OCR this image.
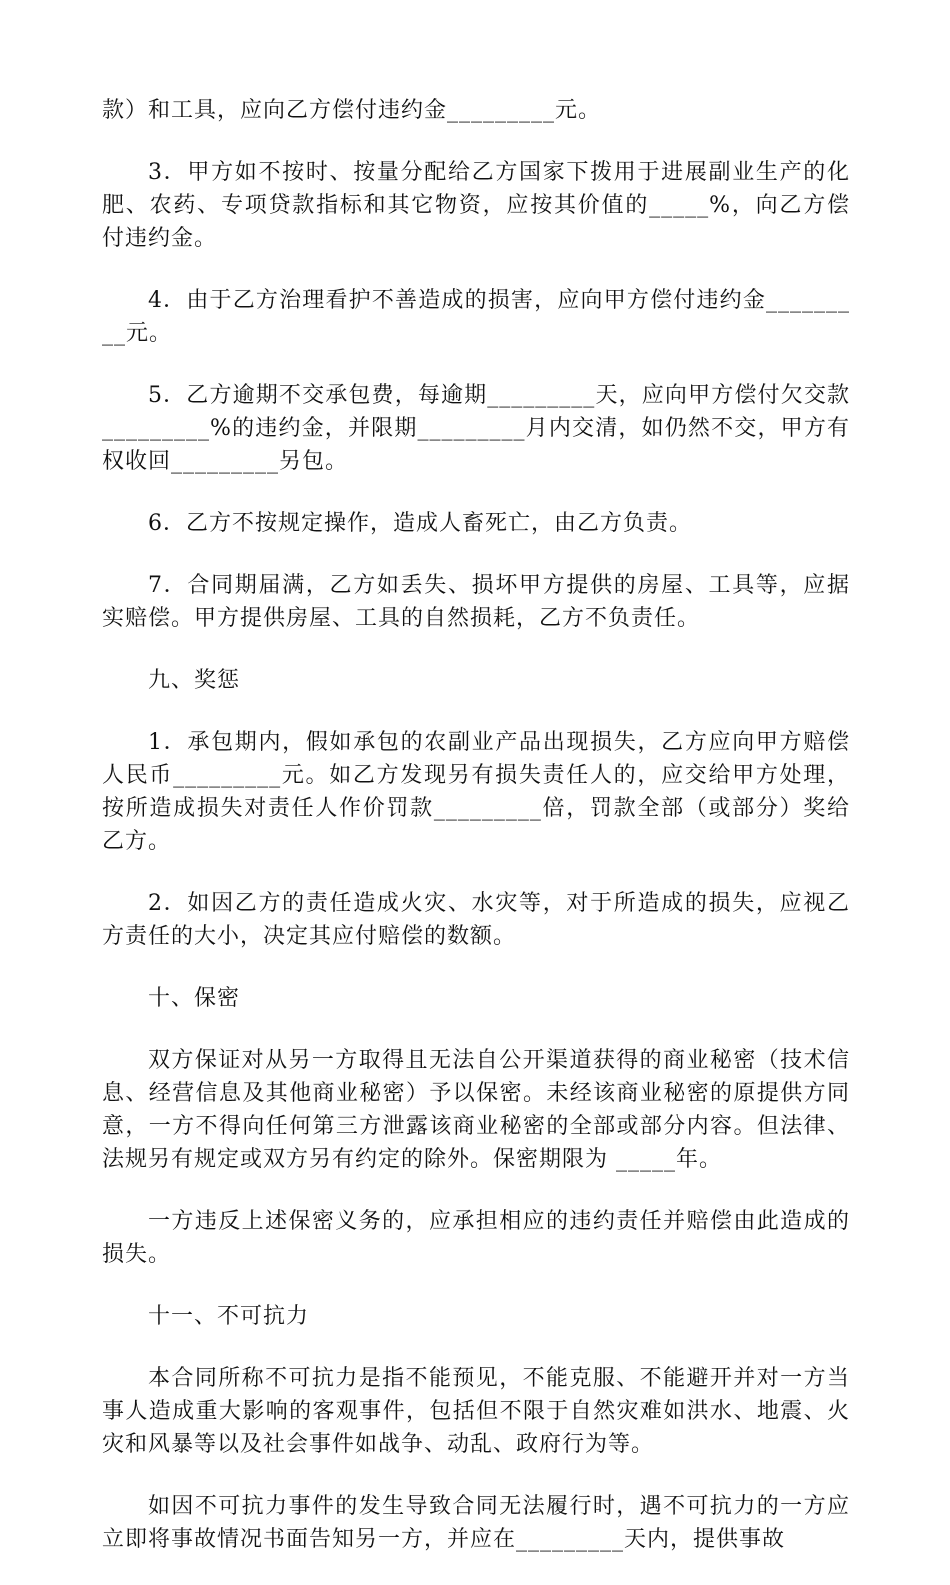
款）和工具，应向乙方偿付违约金_________元。

3．甲方如不按时、按量分配给乙方国家下拨用于进展副业生产的化肥、农药、专项贷款指标和其它物资，应按其价值的_____%，向乙方偿付违约金。

4．由于乙方治理看护不善造成的损害，应向甲方偿付违约金_________元。

5．乙方逾期不交承包费，每逾期_________天，应向甲方偿付欠交款_________%的违约金，并限期_________月内交清，如仍然不交，甲方有权收回_________另包。

6．乙方不按规定操作，造成人畜死亡，由乙方负责。

7．合同期届满，乙方如丢失、损坏甲方提供的房屋、工具等，应据实赔偿。甲方提供房屋、工具的自然损耗，乙方不负责任。

九、奖惩

1．承包期内，假如承包的农副业产品出现损失，乙方应向甲方赔偿人民币_________元。如乙方发现另有损失责任人的，应交给甲方处理，按所造成损失对责任人作价罚款_________倍，罚款全部（或部分）奖给乙方。

2．如因乙方的责任造成火灾、水灾等，对于所造成的损失，应视乙方责任的大小，决定其应付赔偿的数额。

十、保密

双方保证对从另一方取得且无法自公开渠道获得的商业秘密（技术信息、经营信息及其他商业秘密）予以保密。未经该商业秘密的原提供方同意，一方不得向任何第三方泄露该商业秘密的全部或部分内容。但法律、法规另有规定或双方另有约定的除外。保密期限为 _____年。

一方违反上述保密义务的，应承担相应的违约责任并赔偿由此造成的损失。

十一、不可抗力

本合同所称不可抗力是指不能预见，不能克服、不能避开并对一方当事人造成重大影响的客观事件，包括但不限于自然灾难如洪水、地震、火灾和风暴等以及社会事件如战争、动乱、政府行为等。

如因不可抗力事件的发生导致合同无法履行时，遇不可抗力的一方应立即将事故情况书面告知另一方，并应在_________天内，提供事故
